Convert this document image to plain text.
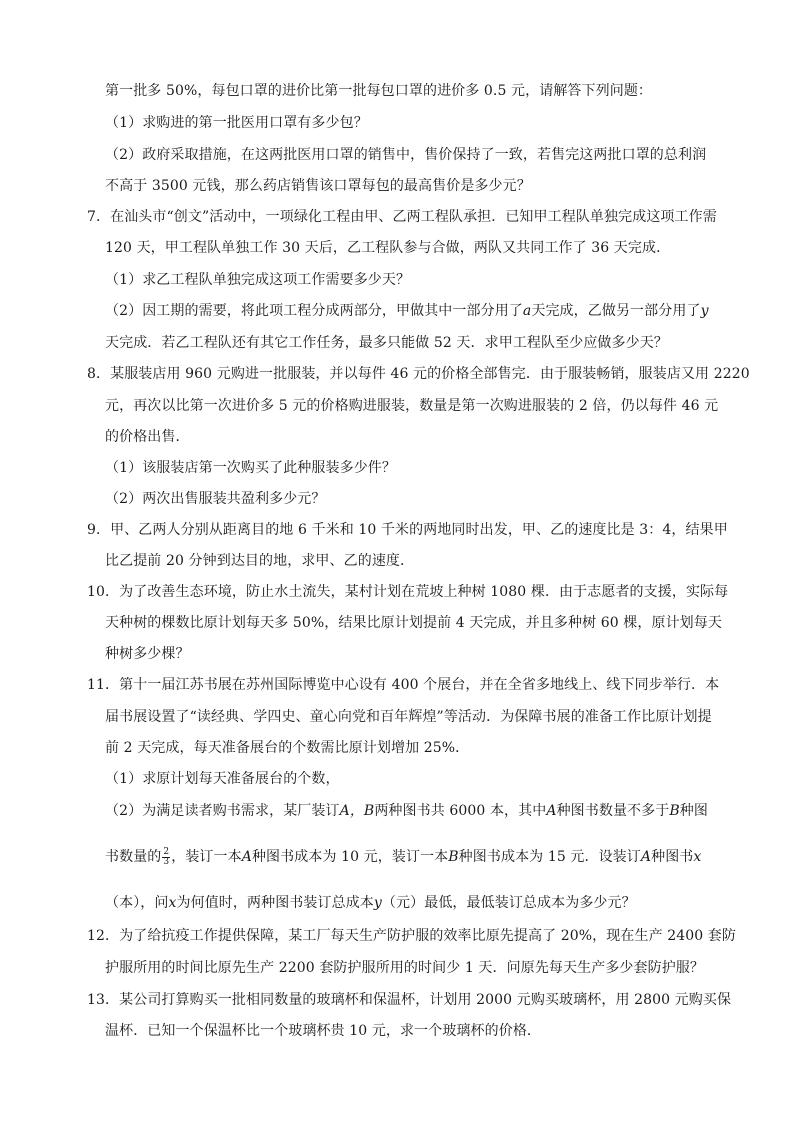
第一批多 50%，每包口罩的进价比第一批每包口罩的进价多 0.5 元，请解答下列问题：
（1）求购进的第一批医用口罩有多少包？
（2）政府采取措施，在这两批医用口罩的销售中，售价保持了一致，若售完这两批口罩的总利润
不高于 3500 元钱，那么药店销售该口罩每包的最高售价是多少元？
7．在汕头市“创文”活动中，一项绿化工程由甲、乙两工程队承担．已知甲工程队单独完成这项工作需
120 天，甲工程队单独工作 30 天后，乙工程队参与合做，两队又共同工作了 36 天完成．
（1）求乙工程队单独完成这项工作需要多少天？
（2）因工期的需要，将此项工程分成两部分，甲做其中一部分用了a天完成，乙做另一部分用了y
天完成．若乙工程队还有其它工作任务，最多只能做 52 天．求甲工程队至少应做多少天？
8．某服装店用 960 元购进一批服装，并以每件 46 元的价格全部售完．由于服装畅销，服装店又用 2220
元，再次以比第一次进价多 5 元的价格购进服装，数量是第一次购进服装的 2 倍，仍以每件 46 元
的价格出售．
（1）该服装店第一次购买了此种服装多少件？
（2）两次出售服装共盈利多少元？
9．甲、乙两人分别从距离目的地 6 千米和 10 千米的两地同时出发，甲、乙的速度比是 3：4，结果甲
比乙提前 20 分钟到达目的地，求甲、乙的速度．
10．为了改善生态环境，防止水土流失，某村计划在荒坡上种树 1080 棵．由于志愿者的支援，实际每
天种树的棵数比原计划每天多 50%，结果比原计划提前 4 天完成，并且多种树 60 棵，原计划每天
种树多少棵？
11．第十一届江苏书展在苏州国际博览中心设有 400 个展台，并在全省多地线上、线下同步举行．本
届书展设置了“读经典、学四史、童心向党和百年辉煌”等活动．为保障书展的准备工作比原计划提
前 2 天完成，每天准备展台的个数需比原计划增加 25%．
（1）求原计划每天准备展台的个数，
（2）为满足读者购书需求，某厂装订A，B两种图书共 6000 本，其中A种图书数量不多于B种图
书数量的 $\frac{2}{3}$ ，装订一本A种图书成本为 10 元，装订一本B种图书成本为 15 元．设装订A种图书x
（本），问x为何值时，两种图书装订总成本y（元）最低，最低装订总成本为多少元？
12．为了给抗疫工作提供保障，某工厂每天生产防护服的效率比原先提高了 20%，现在生产 2400 套防
护服所用的时间比原先生产 2200 套防护服所用的时间少 1 天．问原先每天生产多少套防护服？
13．某公司打算购买一批相同数量的玻璃杯和保温杯，计划用 2000 元购买玻璃杯，用 2800 元购买保
温杯．已知一个保温杯比一个玻璃杯贵 10 元，求一个玻璃杯的价格．
